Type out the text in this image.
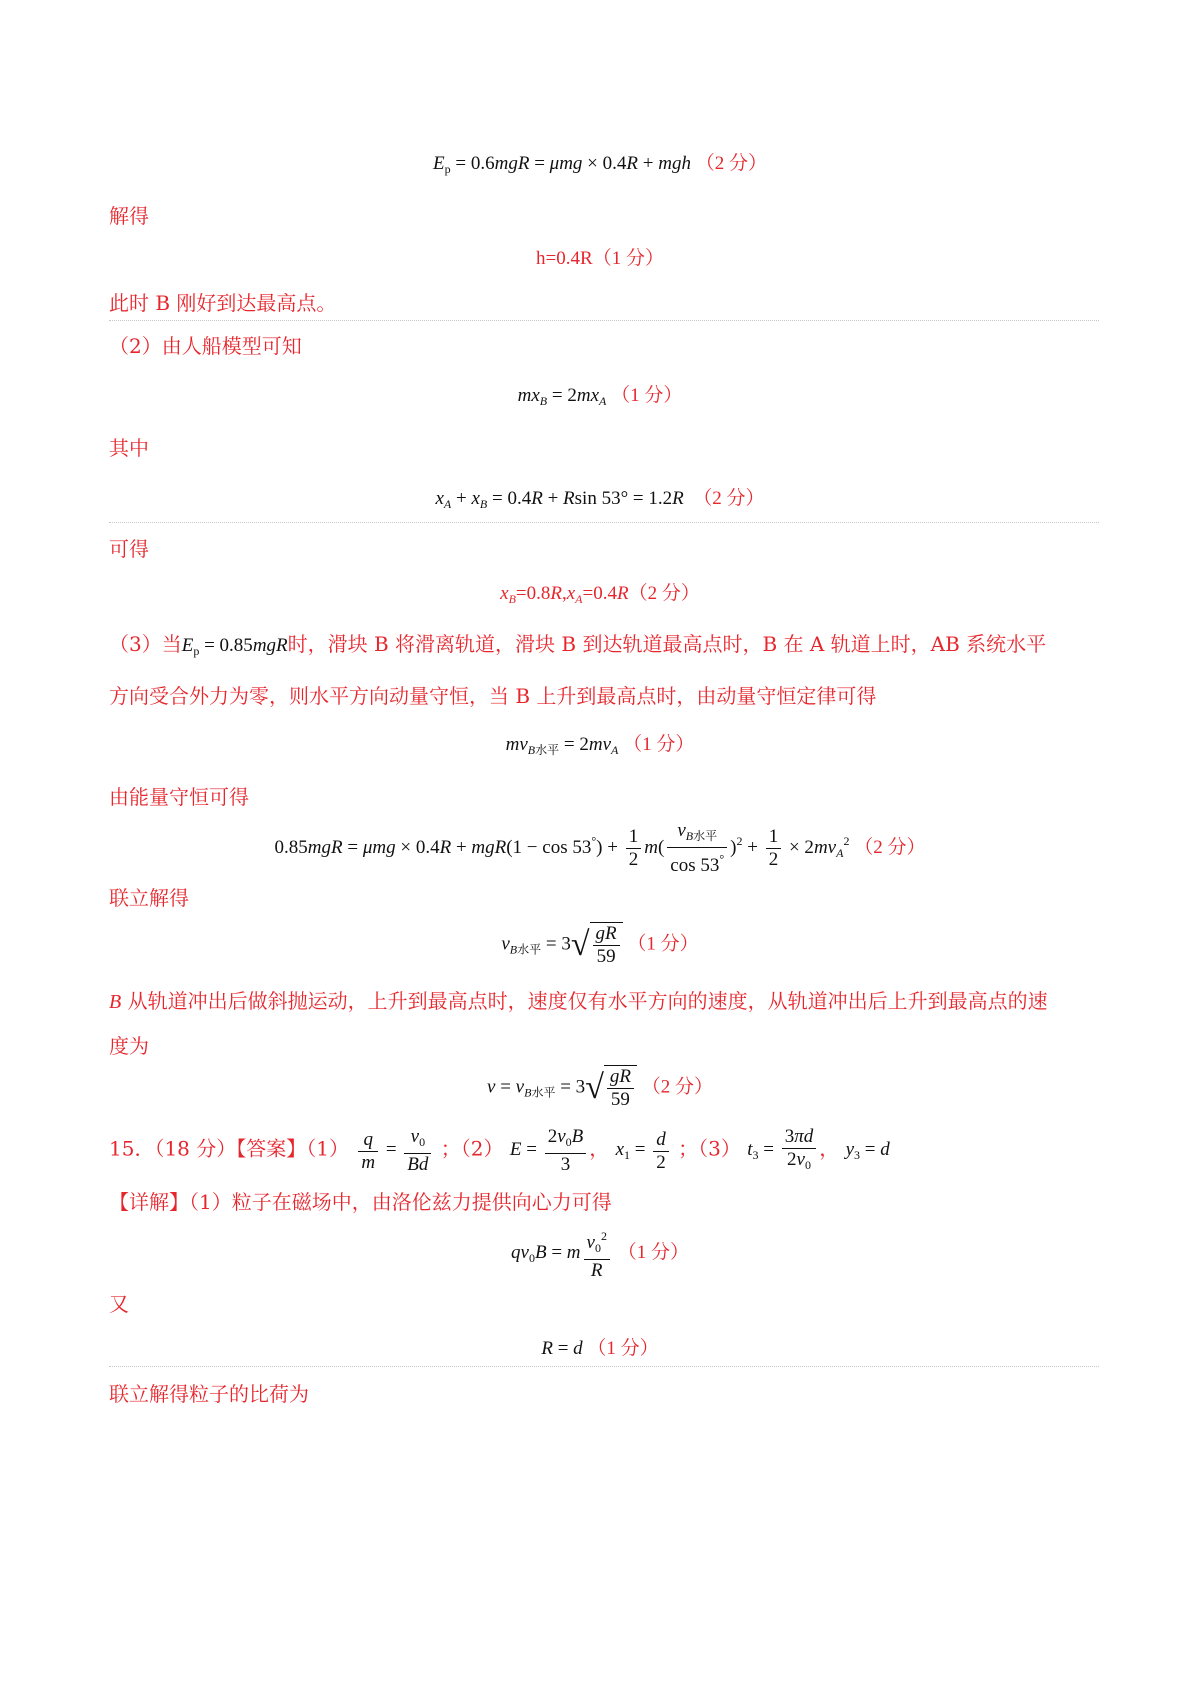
$E_p = 0.6mgR = \mu mg \times 0.4R$ + mgh （2 分）
解得
h=0.4R（1 分）
此时 B 刚好到达最高点。
（2）由人船模型可知
$mx_B = 2mx_A$ （1 分）
其中
$x_A + x_B = 0.4R + Rsin$ 53° = 1.2R （2 分）
可得
$x_B=0.8R,x_A=0.4R(2$ 分）
（3）当$E_p = 0.85mgR$时，滑块 B 将滑离轨道，滑块 B 到达轨道最高点时，B 在 A 轨道上时，AB 系统水平
方向受合外力为零，则水平方向动量守恒，当 B 上升到最高点时，由动量守恒定律可得
$mv_{B水平} = 2mv_A$ （1 分）
由能量守恒可得
$0.85mgR = \mu mg \times 0.4R + mgR(1 - \cos 53^\circ) + \frac{1}{2} m( \frac{v_{B水平}}{\cos 53^\circ} )^2 + \frac{1}{2} \times 2mv_A^2$ （2 分）
联立解得
$v_{B水平} = 3√ \frac{gR}{59} (1$ 分）
B 从轨道冲出后做斜抛运动，上升到最高点时，速度仅有水平方向的速度，从轨道冲出后上升到最高点的速
度为
$v = v_{B水平} = 3√ \frac{gR}{59} (2$ 分）
15．（18 分）【答案】$(1) \frac{q}{m} = \frac{v_0}{Bd}$ ；（2） $E = \frac{2v_0B}{3}$ ， $x_1 = \frac{d}{2}$ ；（3） $t_3 = \frac{3\pi d}{2v_0}$ ， $y_3 = d$
【详解】（1）粒子在磁场中，由洛伦兹力提供向心力可得
$qv_0B = m \frac{v_0^2}{R} (1$ 分）
又
R = d （1 分）
联立解得粒子的比荷为
